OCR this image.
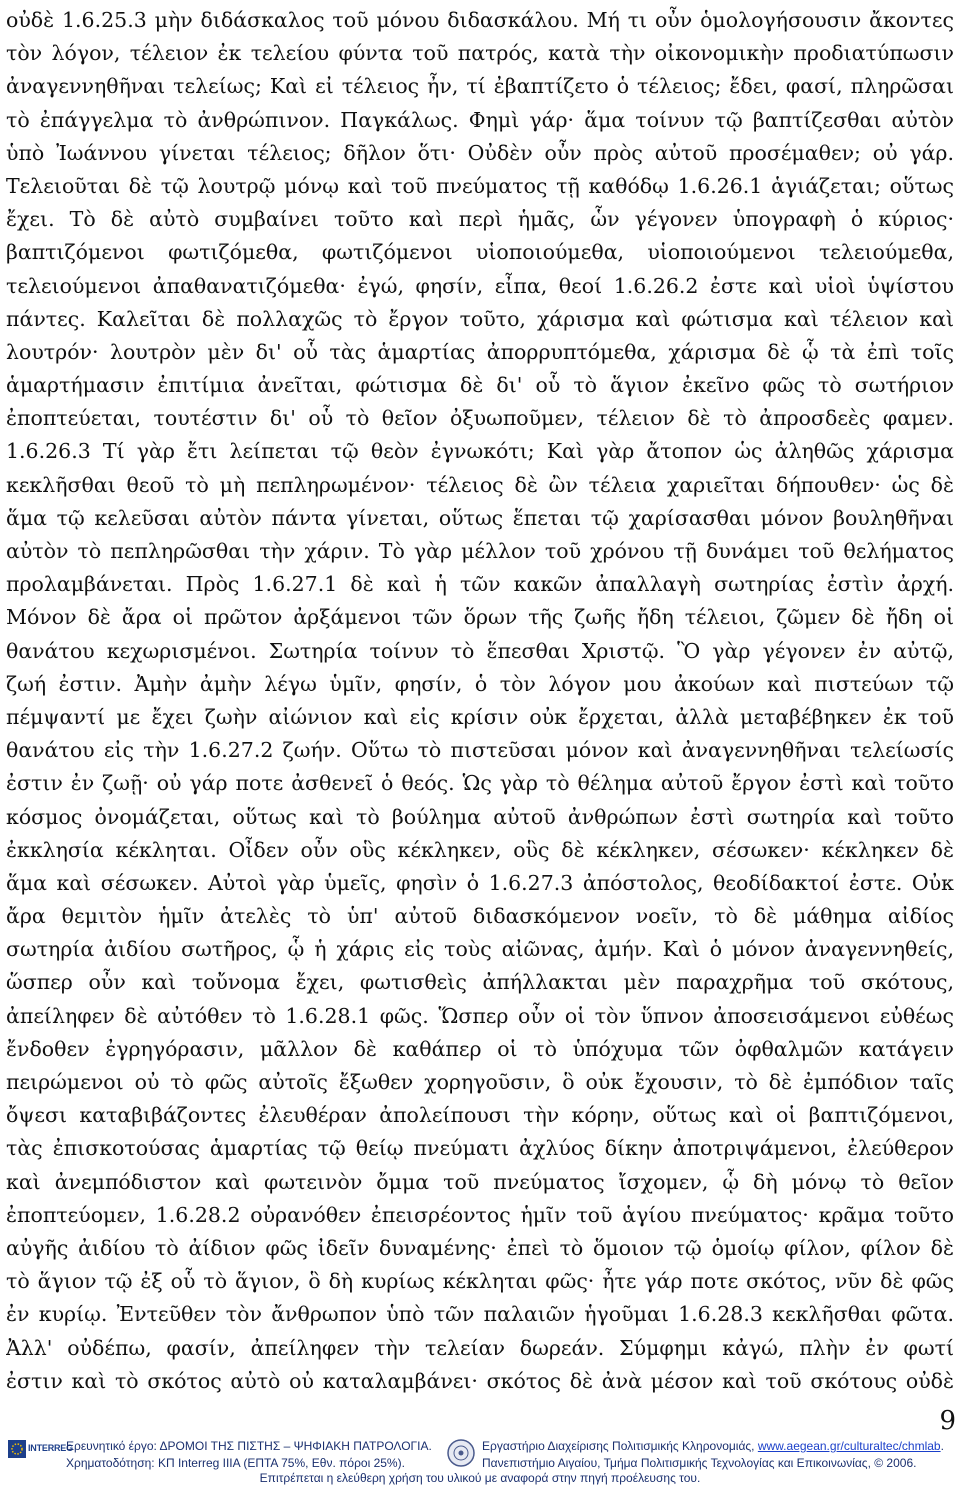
οὐδὲ 1.6.25.3 μὴν διδάσκαλος τοῦ μόνου διδασκάλου. Μή τι οὖν ὁμολογήσουσιν ἄκοντες
τὸν λόγον, τέλειον ἐκ τελείου φύντα τοῦ πατρός, κατὰ τὴν οἰκονομικὴν προδιατύπωσιν
ἀναγεννηθῆναι τελείως; Καὶ εἰ τέλειος ἦν, τί ἐβαπτίζετο ὁ τέλειος; ἔδει, φασί, πληρῶσαι
τὸ ἐπάγγελμα τὸ ἀνθρώπινον. Παγκάλως. Φημὶ γάρ· ἅμα τοίνυν τῷ βαπτίζεσθαι αὐτὸν
ὑπὸ Ἰωάννου γίνεται τέλειος; δῆλον ὅτι· Οὐδὲν οὖν πρὸς αὐτοῦ προσέμαθεν; οὐ γάρ.
Τελειοῦται δὲ τῷ λουτρῷ μόνῳ καὶ τοῦ πνεύματος τῇ καθόδῳ 1.6.26.1 ἁγιάζεται; οὕτως
ἔχει. Τὸ δὲ αὐτὸ συμβαίνει τοῦτο καὶ περὶ ἡμᾶς, ὧν γέγονεν ὑπογραφὴ ὁ κύριος·
βαπτιζόμενοι φωτιζόμεθα, φωτιζόμενοι υἱοποιούμεθα, υἱοποιούμενοι τελειούμεθα,
τελειούμενοι ἀπαθανατιζόμεθα· ἐγώ, φησίν, εἶπα, θεοί 1.6.26.2 ἐστε καὶ υἱοὶ ὑψίστου
πάντες. Καλεῖται δὲ πολλαχῶς τὸ ἔργον τοῦτο, χάρισμα καὶ φώτισμα καὶ τέλειον καὶ
λουτρόν· λουτρὸν μὲν δι' οὗ τὰς ἁμαρτίας ἀπορρυπτόμεθα, χάρισμα δὲ ᾧ τὰ ἐπὶ τοῖς
ἁμαρτήμασιν ἐπιτίμια ἀνεῖται, φώτισμα δὲ δι' οὗ τὸ ἅγιον ἐκεῖνο φῶς τὸ σωτήριον
ἐποπτεύεται, τουτέστιν δι' οὗ τὸ θεῖον ὀξυωποῦμεν, τέλειον δὲ τὸ ἀπροσδεὲς φαμεν.
1.6.26.3 Τί γὰρ ἔτι λείπεται τῷ θεὸν ἐγνωκότι; Καὶ γὰρ ἄτοπον ὡς ἀληθῶς χάρισμα
κεκλῆσθαι θεοῦ τὸ μὴ πεπληρωμένον· τέλειος δὲ ὢν τέλεια χαριεῖται δήπουθεν· ὡς δὲ
ἅμα τῷ κελεῦσαι αὐτὸν πάντα γίνεται, οὕτως ἕπεται τῷ χαρίσασθαι μόνον βουληθῆναι
αὐτὸν τὸ πεπληρῶσθαι τὴν χάριν. Τὸ γὰρ μέλλον τοῦ χρόνου τῇ δυνάμει τοῦ θελήματος
προλαμβάνεται. Πρὸς 1.6.27.1 δὲ καὶ ἡ τῶν κακῶν ἀπαλλαγὴ σωτηρίας ἐστὶν ἀρχή.
Μόνον δὲ ἄρα οἱ πρῶτον ἀρξάμενοι τῶν ὅρων τῆς ζωῆς ἤδη τέλειοι, ζῶμεν δὲ ἤδη οἱ
θανάτου κεχωρισμένοι. Σωτηρία τοίνυν τὸ ἕπεσθαι Χριστῷ. Ὃ γὰρ γέγονεν ἐν αὐτῷ,
ζωή ἐστιν. Ἀμὴν ἀμὴν λέγω ὑμῖν, φησίν, ὁ τὸν λόγον μου ἀκούων καὶ πιστεύων τῷ
πέμψαντί με ἔχει ζωὴν αἰώνιον καὶ εἰς κρίσιν οὐκ ἔρχεται, ἀλλὰ μεταβέβηκεν ἐκ τοῦ
θανάτου εἰς τὴν 1.6.27.2 ζωήν. Οὕτω τὸ πιστεῦσαι μόνον καὶ ἀναγεννηθῆναι τελείωσίς
ἐστιν ἐν ζωῇ· οὐ γάρ ποτε ἀσθενεῖ ὁ θεός. Ὡς γὰρ τὸ θέλημα αὐτοῦ ἔργον ἐστὶ καὶ τοῦτο
κόσμος ὀνομάζεται, οὕτως καὶ τὸ βούλημα αὐτοῦ ἀνθρώπων ἐστὶ σωτηρία καὶ τοῦτο
ἐκκλησία κέκληται. Οἶδεν οὖν οὓς κέκληκεν, οὓς δὲ κέκληκεν, σέσωκεν· κέκληκεν δὲ
ἅμα καὶ σέσωκεν. Αὐτοὶ γὰρ ὑμεῖς, φησὶν ὁ 1.6.27.3 ἀπόστολος, θεοδίδακτοί ἐστε. Οὐκ
ἄρα θεμιτὸν ἡμῖν ἀτελὲς τὸ ὑπ' αὐτοῦ διδασκόμενον νοεῖν, τὸ δὲ μάθημα αἰδίος
σωτηρία ἀιδίου σωτῆρος, ᾧ ἡ χάρις εἰς τοὺς αἰῶνας, ἀμήν. Καὶ ὁ μόνον ἀναγεννηθείς,
ὥσπερ οὖν καὶ τοὔνομα ἔχει, φωτισθεὶς ἀπήλλακται μὲν παραχρῆμα τοῦ σκότους,
ἀπείληφεν δὲ αὐτόθεν τὸ 1.6.28.1 φῶς. Ὥσπερ οὖν οἱ τὸν ὕπνον ἀποσεισάμενοι εὐθέως
ἔνδοθεν ἐγρηγόρασιν, μᾶλλον δὲ καθάπερ οἱ τὸ ὑπόχυμα τῶν ὀφθαλμῶν κατάγειν
πειρώμενοι οὐ τὸ φῶς αὐτοῖς ἔξωθεν χορηγοῦσιν, ὃ οὐκ ἔχουσιν, τὸ δὲ ἐμπόδιον ταῖς
ὄψεσι καταβιβάζοντες ἐλευθέραν ἀπολείπουσι τὴν κόρην, οὕτως καὶ οἱ βαπτιζόμενοι,
τὰς ἐπισκοτούσας ἁμαρτίας τῷ θείῳ πνεύματι ἀχλύος δίκην ἀποτριψάμενοι, ἐλεύθερον
καὶ ἀνεμπόδιστον καὶ φωτεινὸν ὄμμα τοῦ πνεύματος ἴσχομεν, ᾧ δὴ μόνῳ τὸ θεῖον
ἐποπτεύομεν, 1.6.28.2 οὐρανόθεν ἐπεισρέοντος ἡμῖν τοῦ ἁγίου πνεύματος· κρᾶμα τοῦτο
αὐγῆς ἀιδίου τὸ ἀίδιον φῶς ἰδεῖν δυναμένης· ἐπεὶ τὸ ὅμοιον τῷ ὁμοίῳ φίλον, φίλον δὲ
τὸ ἅγιον τῷ ἐξ οὗ τὸ ἅγιον, ὃ δὴ κυρίως κέκληται φῶς· ἦτε γάρ ποτε σκότος, νῦν δὲ φῶς
ἐν κυρίῳ. Ἐντεῦθεν τὸν ἄνθρωπον ὑπὸ τῶν παλαιῶν ἡγοῦμαι 1.6.28.3 κεκλῆσθαι φῶτα.
Ἀλλ' οὐδέπω, φασίν, ἀπείληφεν τὴν τελείαν δωρεάν. Σύμφημι κἀγώ, πλὴν ἐν φωτί
ἐστιν καὶ τὸ σκότος αὐτὸ οὐ καταλαμβάνει· σκότος δὲ ἀνὰ μέσον καὶ τοῦ σκότους οὐδὲ
9
INTERREG
Ερευνητικό έργο: ΔΡΟΜΟΙ ΤΗΣ ΠΙΣΤΗΣ – ΨΗΦΙΑΚΗ ΠΑΤΡΟΛΟΓΙΑ.
Χρηματοδότηση: ΚΠ Interreg IIIA (ΕΠΤΑ 75%, Εθν. πόροι 25%).
Εργαστήριο Διαχείρισης Πολιτισμικής Κληρονομιάς, www.aegean.gr/culturaltec/chmlab.
Πανεπιστήμιο Αιγαίου, Τμήμα Πολιτισμικής Τεχνολογίας και Επικοινωνίας, © 2006.
Επιτρέπεται η ελεύθερη χρήση του υλικού με αναφορά στην πηγή προέλευσης του.
